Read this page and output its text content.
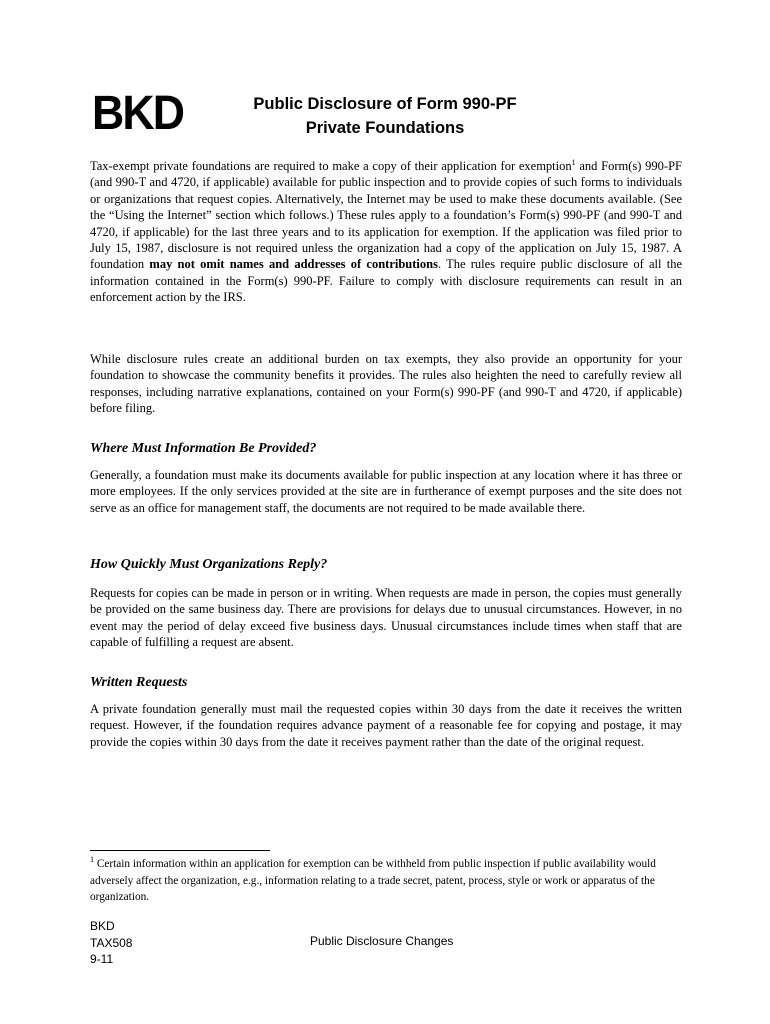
BKD	Public Disclosure of Form 990-PF
Private Foundations

Tax-exempt private foundations are required to make a copy of their application for exemption$^1$ and Form(s) 990-PF (and 990-T and 4720, if applicable) available for public inspection and to provide copies of such forms to individuals or organizations that request copies. Alternatively, the Internet may be used to make these documents available. (See the “Using the Internet” section which follows.) These rules apply to a foundation’s Form(s) 990-PF (and 990-T and 4720, if applicable) for the last three years and to its application for exemption. If the application was filed prior to July 15, 1987, disclosure is not required unless the organization had a copy of the application on July 15, 1987. A foundation may not omit names and addresses of contributions. The rules require public disclosure of all the information contained in the Form(s) 990-PF. Failure to comply with disclosure requirements can result in an enforcement action by the IRS.

While disclosure rules create an additional burden on tax exempts, they also provide an opportunity for your foundation to showcase the community benefits it provides. The rules also heighten the need to carefully review all responses, including narrative explanations, contained on your Form(s) 990-PF (and 990-T and 4720, if applicable) before filing.

Where Must Information Be Provided?

Generally, a foundation must make its documents available for public inspection at any location where it has three or more employees. If the only services provided at the site are in furtherance of exempt purposes and the site does not serve as an office for management staff, the documents are not required to be made available there.

How Quickly Must Organizations Reply?

Requests for copies can be made in person or in writing. When requests are made in person, the copies must generally be provided on the same business day. There are provisions for delays due to unusual circumstances. However, in no event may the period of delay exceed five business days. Unusual circumstances include times when staff that are capable of fulfilling a request are absent.

Written Requests

A private foundation generally must mail the requested copies within 30 days from the date it receives the written request. However, if the foundation requires advance payment of a reasonable fee for copying and postage, it may provide the copies within 30 days from the date it receives payment rather than the date of the original request.

$^1$ Certain information within an application for exemption can be withheld from public inspection if public availability would adversely affect the organization, e.g., information relating to a trade secret, patent, process, style or work or apparatus of the organization.
BKD
TAX508
9-11
Public Disclosure Changes
